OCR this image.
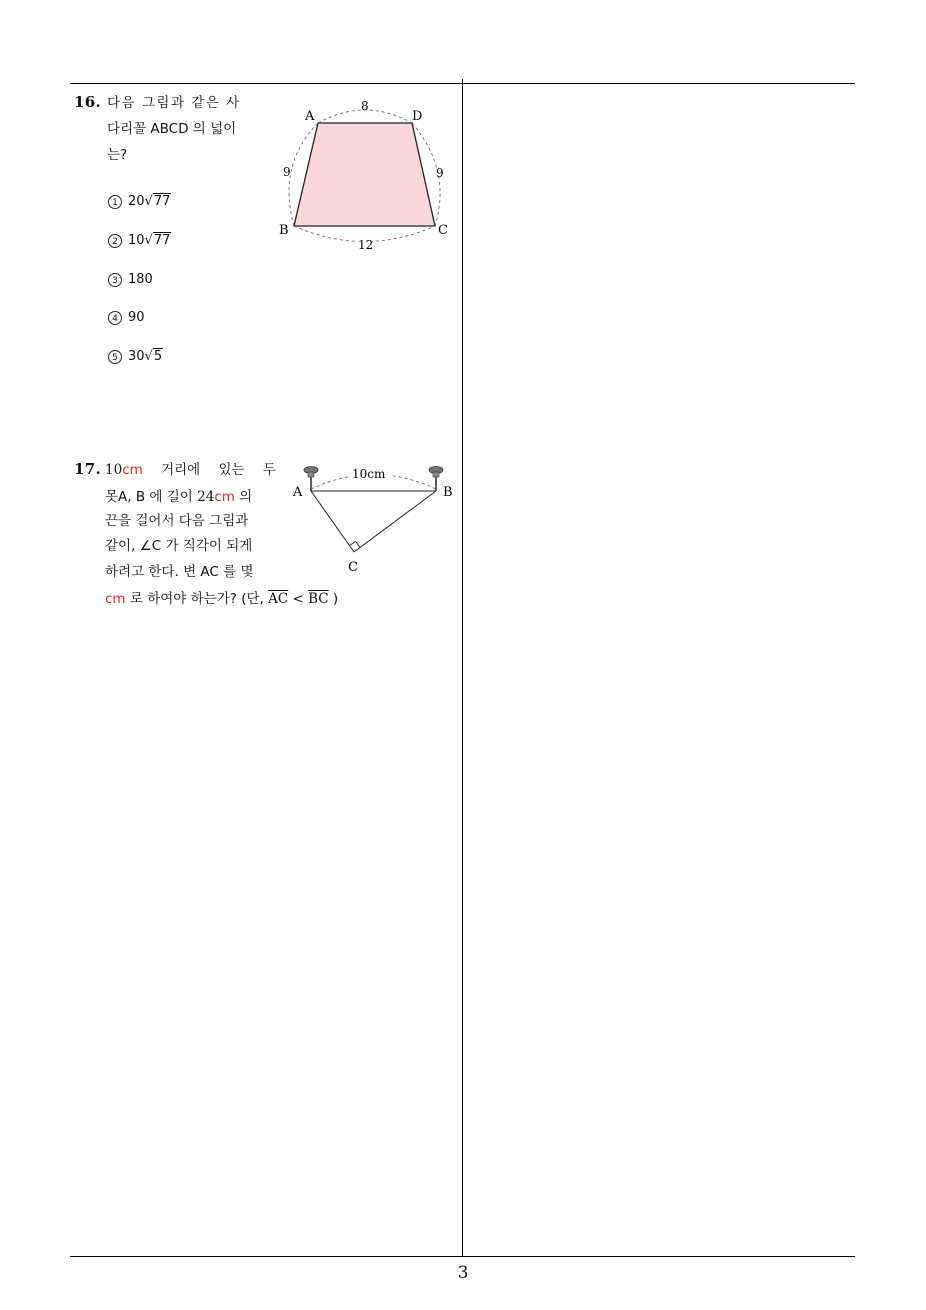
3
16. 다음 그림과 같은 사
다리꼴 ABCD 의 넓이
는?
1 20√77
2 10√77
3 180
4 90
5 30√5
A	D
B	C
8
9	9
12
17. 10cm 거리에 있는 두
못A, B 에 길이 24cm 의
끈을 걸어서 다음 그림과
같이, ∠C 가 직각이 되게
하려고 한다. 변 AC 를 몇
cm 로 하여야 하는가? (단, $\overline{AC} < \overline{BC}$ )
10cm
A	B
C
